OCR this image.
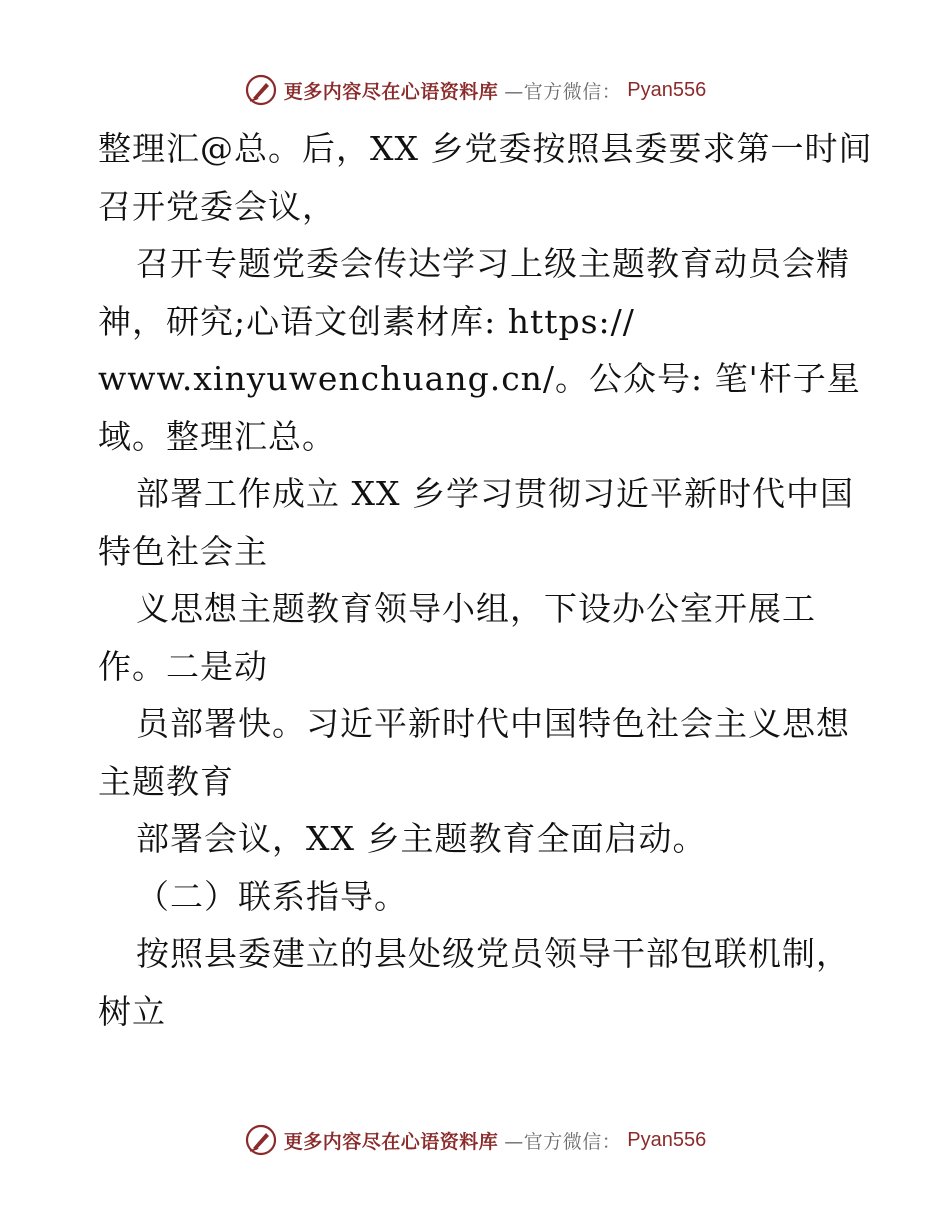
更多内容尽在心语资料库 —官方微信： Pyan556
整理汇@总。后，XX 乡党委按照县委要求第一时间
召开党委会议，
召开专题党委会传达学习上级主题教育动员会精
神，研究;心语文创素材库: https://
www.xinyuwenchuang.cn/。公众号: 笔'杆子星
域。整理汇总。
部署工作成立 XX 乡学习贯彻习近平新时代中国
特色社会主
义思想主题教育领导小组，下设办公室开展工
作。二是动
员部署快。习近平新时代中国特色社会主义思想
主题教育
部署会议，XX 乡主题教育全面启动。
（二）联系指导。
按照县委建立的县处级党员领导干部包联机制，
树立
更多内容尽在心语资料库 —官方微信： Pyan556
